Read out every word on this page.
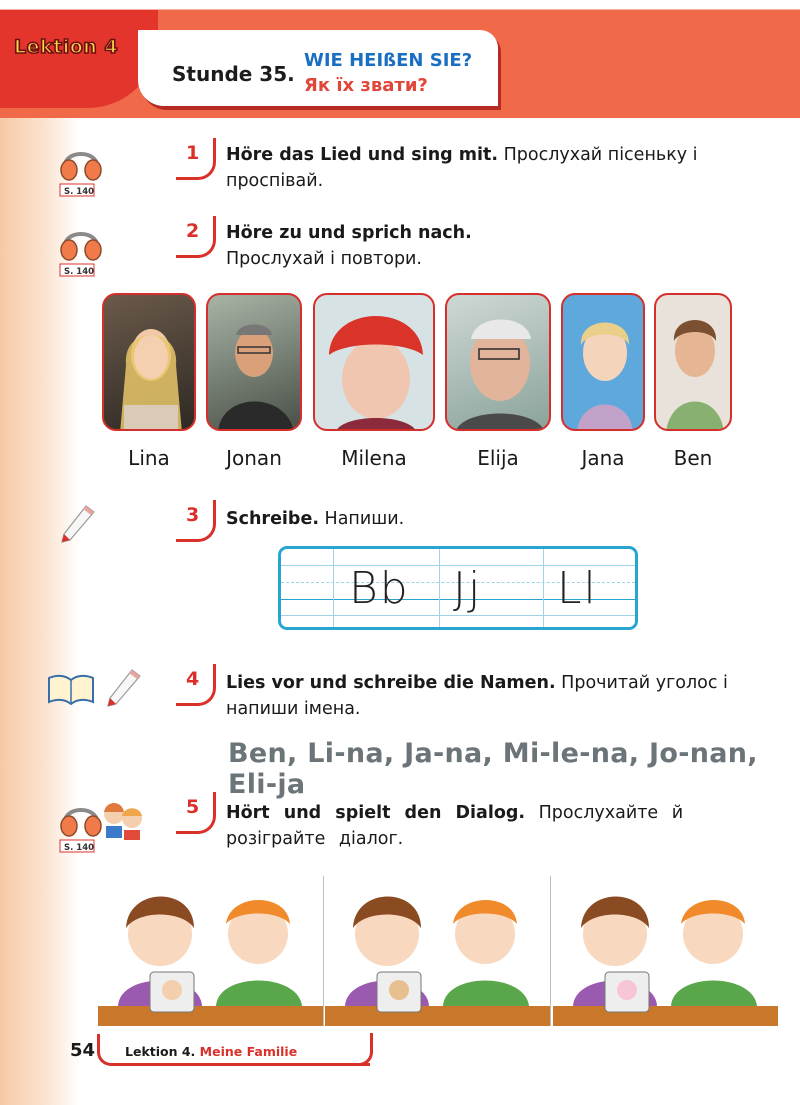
Lektion 4
Stunde 35.
WIE HEIßEN SIE?
Як їх звати?
S. 140
1 Höre das Lied und sing mit. Прослухай пісеньку і проспівай.
S. 140
2 Höre zu und sprich nach.
Прослухай і повтори.
Lina	Jonan	Milena	Elija	Jana	Ben
3 Schreibe. Напиши.
Bb Jj Ll
4 Lies vor und schreibe die Namen. Прочитай уголос і напиши імена.
Ben, Li-na, Ja-na, Mi-le-na, Jo-nan, Eli-ja
S. 140
5 Hört und spielt den Dialog. Прослухайте й розіграйте діалог.
54 Lektion 4. Meine Familie
